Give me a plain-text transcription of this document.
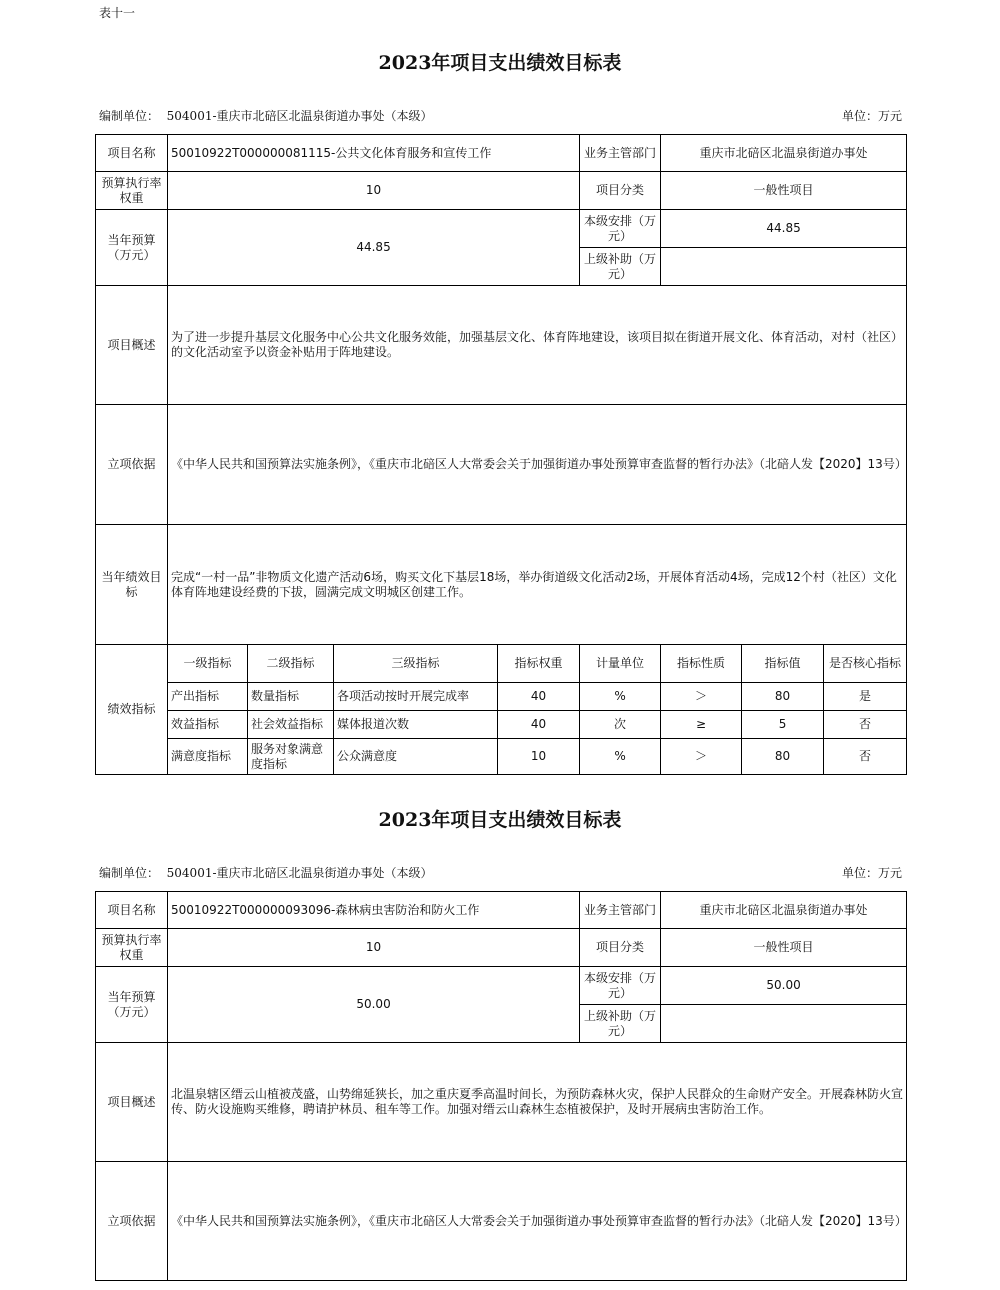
表十一
2023年项目支出绩效目标表
编制单位： 504001-重庆市北碚区北温泉街道办事处（本级）	单位：万元
项目名称	50010922T000000081115-公共文化体育服务和宣传工作				业务主管部门	重庆市北碚区北温泉街道办事处		
预算执行率权重	10				项目分类	一般性项目		
当年预算（万元）	44.85				本级安排（万元）	44.85		
					上级补助（万元）			
项目概述	为了进一步提升基层文化服务中心公共文化服务效能，加强基层文化、体育阵地建设，该项目拟在街道开展文化、体育活动，对村（社区）的文化活动室予以资金补贴用于阵地建设。							
立项依据	《中华人民共和国预算法实施条例》，《重庆市北碚区人大常委会关于加强街道办事处预算审查监督的暂行办法》（北碚人发【2020】13号）							
当年绩效目标	完成“一村一品”非物质文化遗产活动6场，购买文化下基层18场，举办街道级文化活动2场，开展体育活动4场，完成12个村（社区）文化体育阵地建设经费的下拔，圆满完成文明城区创建工作。							
绩效指标	一级指标	二级指标	三级指标	指标权重	计量单位	指标性质	指标值	是否核心指标
	产出指标	数量指标	各项活动按时开展完成率	40	%	＞	80	是
	效益指标	社会效益指标	媒体报道次数	40	次	≥	5	否
	满意度指标	服务对象满意度指标	公众满意度	10	%	＞	80	否
2023年项目支出绩效目标表
编制单位： 504001-重庆市北碚区北温泉街道办事处（本级）	单位：万元
项目名称	50010922T000000093096-森林病虫害防治和防火工作	业务主管部门	重庆市北碚区北温泉街道办事处
预算执行率权重	10	项目分类	一般性项目
当年预算（万元）	50.00	本级安排（万元）	50.00
		上级补助（万元）	
项目概述	北温泉辖区缙云山植被茂盛，山势绵延狭长，加之重庆夏季高温时间长，为预防森林火灾，保护人民群众的生命财产安全。开展森林防火宣传、防火设施购买维修，聘请护林员、租车等工作。加强对缙云山森林生态植被保护，及时开展病虫害防治工作。		
立项依据	《中华人民共和国预算法实施条例》，《重庆市北碚区人大常委会关于加强街道办事处预算审查监督的暂行办法》（北碚人发【2020】13号）		
